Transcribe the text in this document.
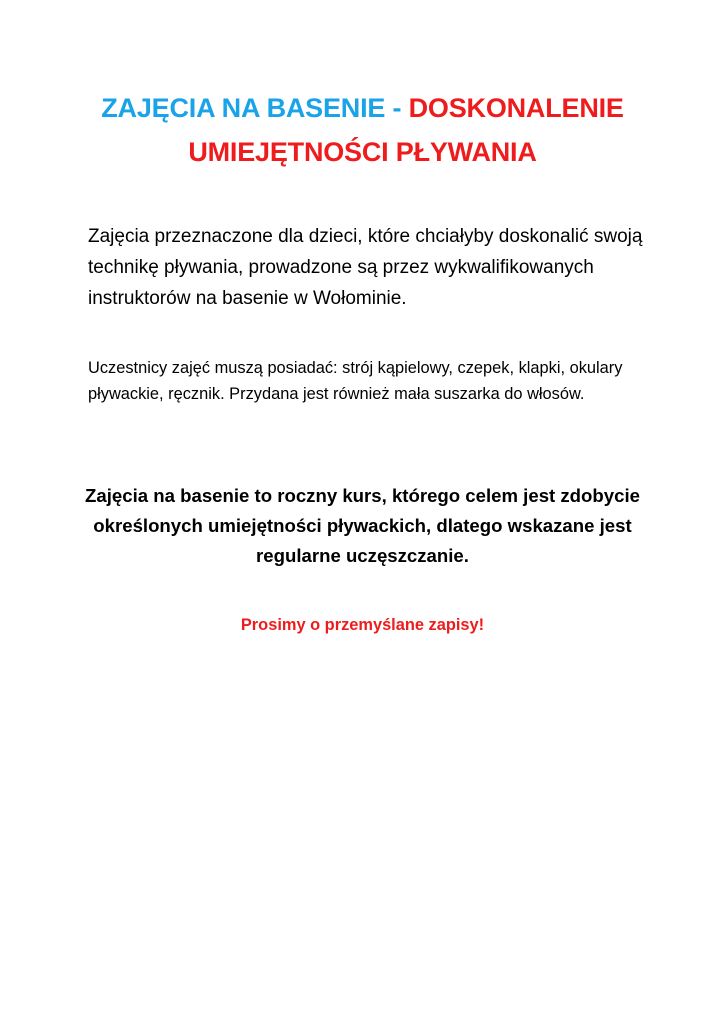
ZAJĘCIA NA BASENIE - DOSKONALENIE UMIEJĘTNOŚCI PŁYWANIA

Zajęcia przeznaczone dla dzieci, które chciałyby doskonalić swoją technikę pływania, prowadzone są przez wykwalifikowanych instruktorów na basenie w Wołominie.

Uczestnicy zajęć muszą posiadać: strój kąpielowy, czepek, klapki, okulary pływackie, ręcznik. Przydana jest również mała suszarka do włosów.

Zajęcia na basenie to roczny kurs, którego celem jest zdobycie określonych umiejętności pływackich, dlatego wskazane jest regularne uczęszczanie.

Prosimy o przemyślane zapisy!
